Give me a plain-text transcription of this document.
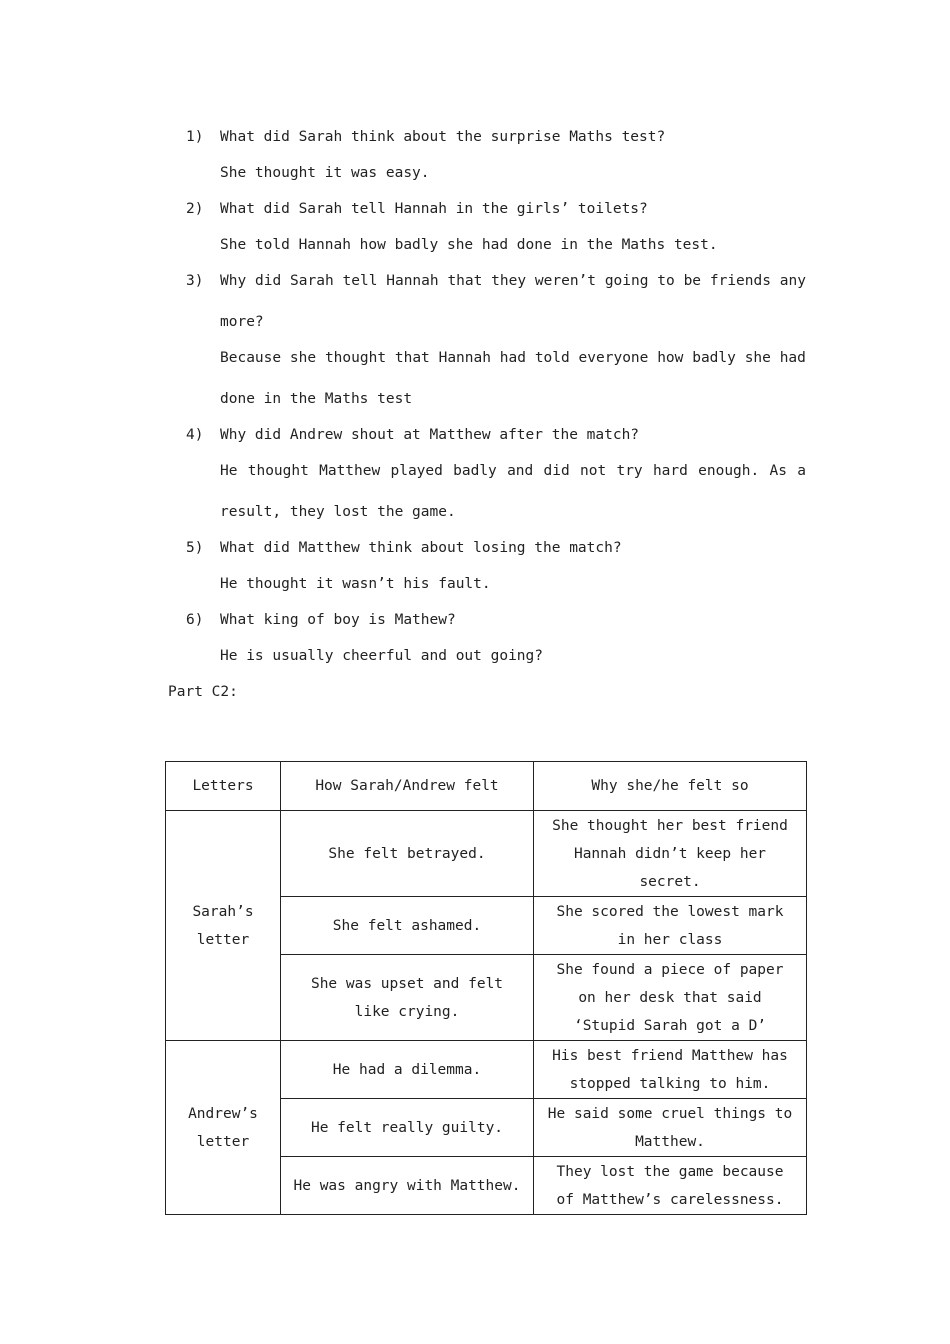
1) What did Sarah think about the surprise Maths test?
She thought it was easy.
2) What did Sarah tell Hannah in the girls’ toilets?
She told Hannah how badly she had done in the Maths test.
3) Why did Sarah tell Hannah that they weren’t going to be friends any
more?
Because she thought that Hannah had told everyone how badly she had
done in the Maths test
4) Why did Andrew shout at Matthew after the match?
He thought Matthew played badly and did not try hard enough. As a
result, they lost the game.
5) What did Matthew think about losing the match?
He thought it wasn’t his fault.
6) What king of boy is Mathew?
He is usually cheerful and out going?
Part C2:
Letters	How Sarah/Andrew felt	Why she/he felt so
Sarah’s letter	She felt betrayed.	She thought her best friend Hannah didn’t keep her secret.
	She felt ashamed.	She scored the lowest mark in her class
	She was upset and felt like crying.	She found a piece of paper on her desk that said ‘Stupid Sarah got a D’
Andrew’s letter	He had a dilemma.	His best friend Matthew has stopped talking to him.
	He felt really guilty.	He said some cruel things to Matthew.
	He was angry with Matthew.	They lost the game because of Matthew’s carelessness.
